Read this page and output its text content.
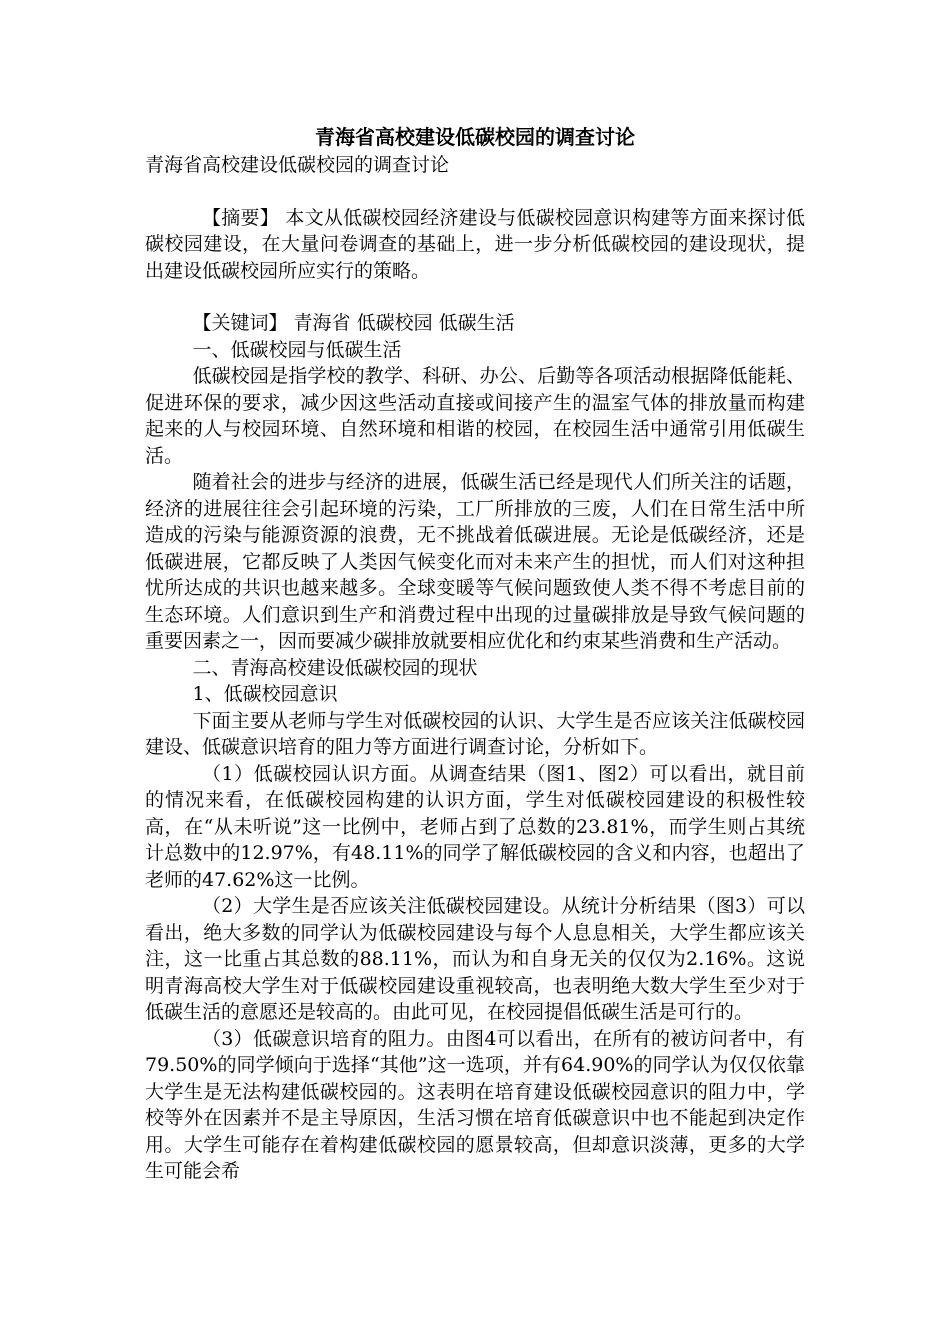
青海省高校建设低碳校园的调查讨论

青海省高校建设低碳校园的调查讨论

【摘要】 本文从低碳校园经济建设与低碳校园意识构建等方面来探讨低碳校园建设，在大量问卷调查的基础上，进一步分析低碳校园的建设现状，提出建设低碳校园所应实行的策略。

【关键词】 青海省 低碳校园 低碳生活

一、低碳校园与低碳生活

低碳校园是指学校的教学、科研、办公、后勤等各项活动根据降低能耗、促进环保的要求，减少因这些活动直接或间接产生的温室气体的排放量而构建起来的人与校园环境、自然环境和相谐的校园，在校园生活中通常引用低碳生活。

随着社会的进步与经济的进展，低碳生活已经是现代人们所关注的话题，经济的进展往往会引起环境的污染，工厂所排放的三废，人们在日常生活中所造成的污染与能源资源的浪费，无不挑战着低碳进展。无论是低碳经济，还是低碳进展，它都反映了人类因气候变化而对未来产生的担忧，而人们对这种担忧所达成的共识也越来越多。全球变暖等气候问题致使人类不得不考虑目前的生态环境。人们意识到生产和消费过程中出现的过量碳排放是导致气候问题的重要因素之一，因而要减少碳排放就要相应优化和约束某些消费和生产活动。

二、青海高校建设低碳校园的现状

1、低碳校园意识

下面主要从老师与学生对低碳校园的认识、大学生是否应该关注低碳校园建设、低碳意识培育的阻力等方面进行调查讨论，分析如下。

（1）低碳校园认识方面。从调查结果（图1、图2）可以看出，就目前的情况来看，在低碳校园构建的认识方面，学生对低碳校园建设的积极性较高，在“从未听说”这一比例中，老师占到了总数的23.81%，而学生则占其统计总数中的12.97%，有48.11%的同学了解低碳校园的含义和内容，也超出了老师的47.62%这一比例。

（2）大学生是否应该关注低碳校园建设。从统计分析结果（图3）可以看出，绝大多数的同学认为低碳校园建设与每个人息息相关，大学生都应该关注，这一比重占其总数的88.11%，而认为和自身无关的仅仅为2.16%。这说明青海高校大学生对于低碳校园建设重视较高，也表明绝大数大学生至少对于低碳生活的意愿还是较高的。由此可见，在校园提倡低碳生活是可行的。

（3）低碳意识培育的阻力。由图4可以看出，在所有的被访问者中，有79.50%的同学倾向于选择“其他”这一选项，并有64.90%的同学认为仅仅依靠大学生是无法构建低碳校园的。这表明在培育建设低碳校园意识的阻力中，学校等外在因素并不是主导原因，生活习惯在培育低碳意识中也不能起到决定作用。大学生可能存在着构建低碳校园的愿景较高，但却意识淡薄，更多的大学生可能会希
